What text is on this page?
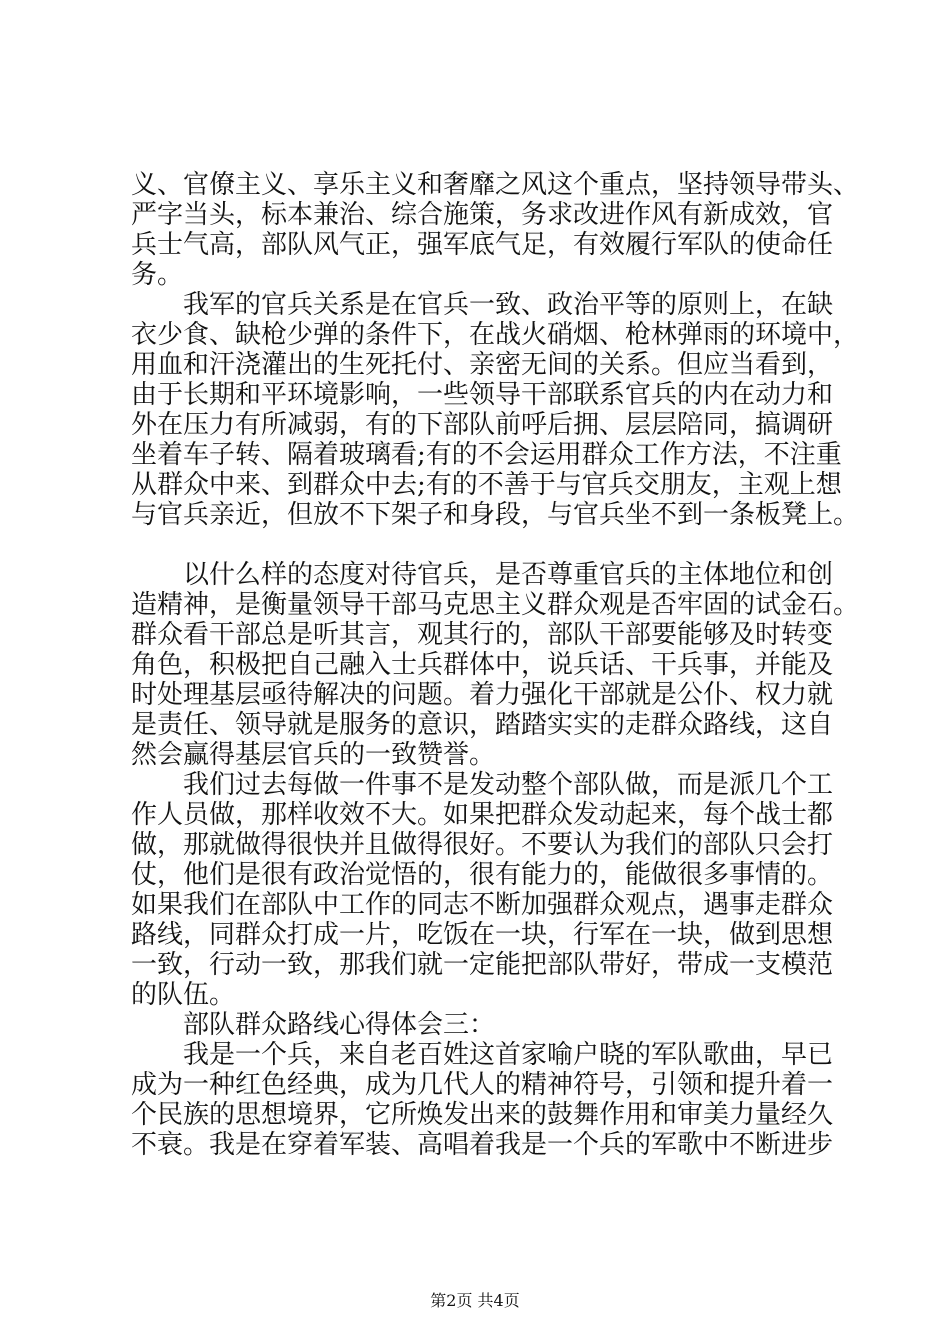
义、官僚主义、享乐主义和奢靡之风这个重点，坚持领导带头、
严字当头，标本兼治、综合施策，务求改进作风有新成效，官
兵士气高，部队风气正，强军底气足，有效履行军队的使命任
务。
　　我军的官兵关系是在官兵一致、政治平等的原则上，在缺
衣少食、缺枪少弹的条件下，在战火硝烟、枪林弹雨的环境中，
用血和汗浇灌出的生死托付、亲密无间的关系。但应当看到，
由于长期和平环境影响，一些领导干部联系官兵的内在动力和
外在压力有所减弱，有的下部队前呼后拥、层层陪同，搞调研
坐着车子转、隔着玻璃看;有的不会运用群众工作方法，不注重
从群众中来、到群众中去;有的不善于与官兵交朋友，主观上想
与官兵亲近，但放不下架子和身段，与官兵坐不到一条板凳上。
　　以什么样的态度对待官兵，是否尊重官兵的主体地位和创
造精神，是衡量领导干部马克思主义群众观是否牢固的试金石。
群众看干部总是听其言，观其行的，部队干部要能够及时转变
角色，积极把自己融入士兵群体中，说兵话、干兵事，并能及
时处理基层亟待解决的问题。着力强化干部就是公仆、权力就
是责任、领导就是服务的意识，踏踏实实的走群众路线，这自
然会赢得基层官兵的一致赞誉。
　　我们过去每做一件事不是发动整个部队做，而是派几个工
作人员做，那样收效不大。如果把群众发动起来，每个战士都
做，那就做得很快并且做得很好。不要认为我们的部队只会打
仗，他们是很有政治觉悟的，很有能力的，能做很多事情的。
如果我们在部队中工作的同志不断加强群众观点，遇事走群众
路线，同群众打成一片，吃饭在一块，行军在一块，做到思想
一致，行动一致，那我们就一定能把部队带好，带成一支模范
的队伍。
　　部队群众路线心得体会三：
　　我是一个兵，来自老百姓这首家喻户晓的军队歌曲，早已
成为一种红色经典，成为几代人的精神符号，引领和提升着一
个民族的思想境界，它所焕发出来的鼓舞作用和审美力量经久
不衰。我是在穿着军装、高唱着我是一个兵的军歌中不断进步
第2页 共4页
